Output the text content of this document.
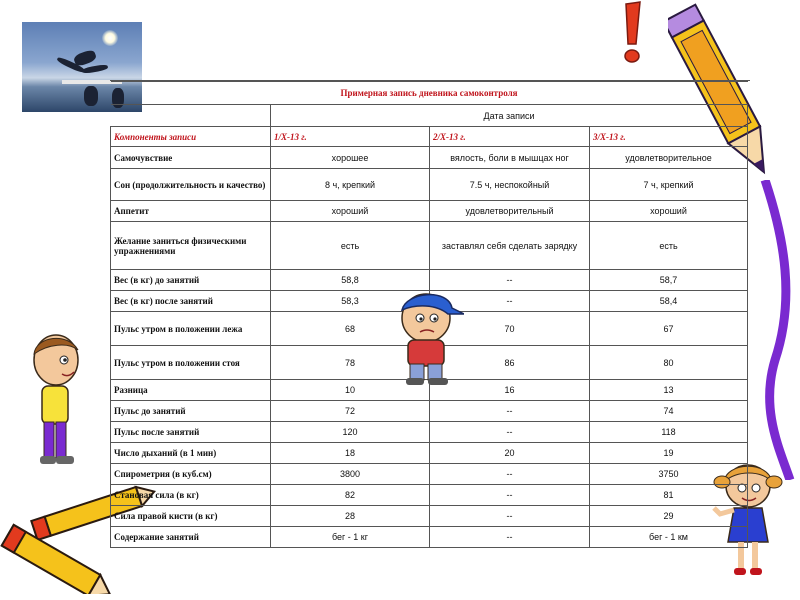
Примерная запись дневника самоконтроля			
	Дата записи		
Компоненты записи	1/X-13 г.	2/X-13 г.	3/X-13 г.
Самочувствие	хорошее	вялость, боли в мышцах ног	удовлетворительное
Сон (продолжительность и качество)	8 ч, крепкий	7.5 ч, неспокойный	7 ч, крепкий
Аппетит	хороший	удовлетворительный	хороший
Желание заниться физическими упражнениями	есть	заставлял себя сделать зарядку	есть
Вес (в кг) до занятий	58,8	--	58,7
Вес (в кг) после занятий	58,3	--	58,4
Пульс утром в положении лежа	68	70	67
Пульс утром в положении стоя	78	86	80
Разница	10	16	13
Пульс до занятий	72	--	74
Пульс после занятий	120	--	118
Число дыханий (в 1 мин)	18	20	19
Спирометрия (в куб.см)	3800	--	3750
Становая сила (в кг)	82	--	81
Сила правой кисти (в кг)	28	--	29
Содержание занятий	бег - 1 кг	--	бег - 1 км
